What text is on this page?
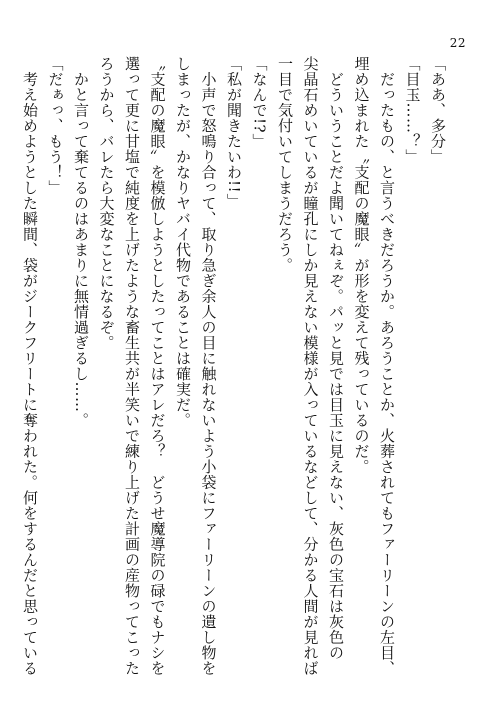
22
「ああ、多分」
「目玉……？」
　だったもの、と言うべきだろうか。あろうことか、火葬されてもファーリーンの左目、
埋め込まれた〝支配の魔眼〟が形を変えて残っているのだ。
　どういうことだよ聞いてねぇぞ。パッと見では目玉に見えない、灰色の宝石は灰色の
尖晶石めいているが瞳孔にしか見えない模様が入っているなどして、分かる人間が見れば
一目で気付いてしまうだろう。
「なんで!?」
「私が聞きたいわ!!」
　小声で怒鳴り合って、取り急ぎ余人の目に触れないよう小袋にファーリーンの遺し物を
しまったが、かなりヤバイ代物であることは確実だ。
〝支配の魔眼〟を模倣しようとしたってことはアレだろ？　どうせ魔導院の碌でもナシを
選って更に甘塩で純度を上げたような畜生共が半笑いで練り上げた計画の産物ってこった
ろうから、バレたら大変なことになるぞ。
　かと言って棄てるのはあまりに無情過ぎるし……。
「だぁっ、もう！」
　考え始めようとした瞬間、袋がジークフリートに奪われた。何をするんだと思っている
